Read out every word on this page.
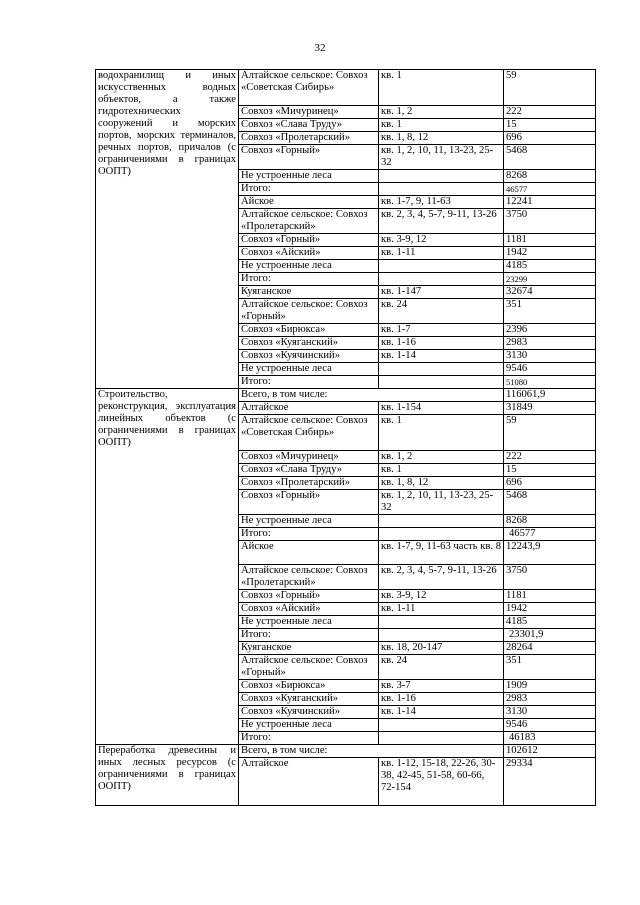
32
водохранилищ и иных искусственных водных объектов, а также гидротехнических сооружений и морских портов, морских терминалов, речных портов, причалов (с ограничениями в границах ООПТ)	Алтайское сельское: Совхоз «Советская Сибирь»	кв. 1	59
	Совхоз «Мичуринец»	кв. 1, 2	222
	Совхоз «Слава Труду»	кв. 1	15
	Совхоз «Пролетарский»	кв. 1, 8, 12	696
	Совхоз «Горный»	кв. 1, 2, 10, 11, 13-23, 25-32	5468
	Не устроенные леса		8268
	Итого:		46577
	Айское	кв. 1-7, 9, 11-63	12241
	Алтайское сельское: Совхоз «Пролетарский»	кв. 2, 3, 4, 5-7, 9-11, 13-26	3750
	Совхоз «Горный»	кв. 3-9, 12	1181
	Совхоз «Айский»	кв. 1-11	1942
	Не устроенные леса		4185
	Итого:		23299
	Куяганское	кв. 1-147	32674
	Алтайское сельское: Совхоз «Горный»	кв. 24	351
	Совхоз «Бирюкса»	кв. 1-7	2396
	Совхоз «Куяганский»	кв. 1-16	2983
	Совхоз «Куячинский»	кв. 1-14	3130
	Не устроенные леса		9546
	Итого:		51080
Строительство, реконструкция, эксплуатация линейных объектов (с ограничениями в границах ООПТ)	Всего, в том числе:		116061,9
	Алтайское	кв. 1-154	31849
	Алтайское сельское: Совхоз «Советская Сибирь»	кв. 1	59
	Совхоз «Мичуринец»	кв. 1, 2	222
	Совхоз «Слава Труду»	кв. 1	15
	Совхоз «Пролетарский»	кв. 1, 8, 12	696
	Совхоз «Горный»	кв. 1, 2, 10, 11, 13-23, 25-32	5468
	Не устроенные леса		8268
	Итого:		46577
	Айское	кв. 1-7, 9, 11-63 часть кв. 8	12243,9
	Алтайское сельское: Совхоз «Пролетарский»	кв. 2, 3, 4, 5-7, 9-11, 13-26	3750
	Совхоз «Горный»	кв. 3-9, 12	1181
	Совхоз «Айский»	кв. 1-11	1942
	Не устроенные леса		4185
	Итого:		23301,9
	Куяганское	кв. 18, 20-147	28264
	Алтайское сельское: Совхоз «Горный»	кв. 24	351
	Совхоз «Бирюкса»	кв. 3-7	1909
	Совхоз «Куяганский»	кв. 1-16	2983
	Совхоз «Куячинский»	кв. 1-14	3130
	Не устроенные леса		9546
	Итого:		46183
Переработка древесины и иных лесных ресурсов (с ограничениями в границах ООПТ)	Всего, в том числе:		102612
	Алтайское	кв. 1-12, 15-18, 22-26, 30-38, 42-45, 51-58, 60-66, 72-154	29334
